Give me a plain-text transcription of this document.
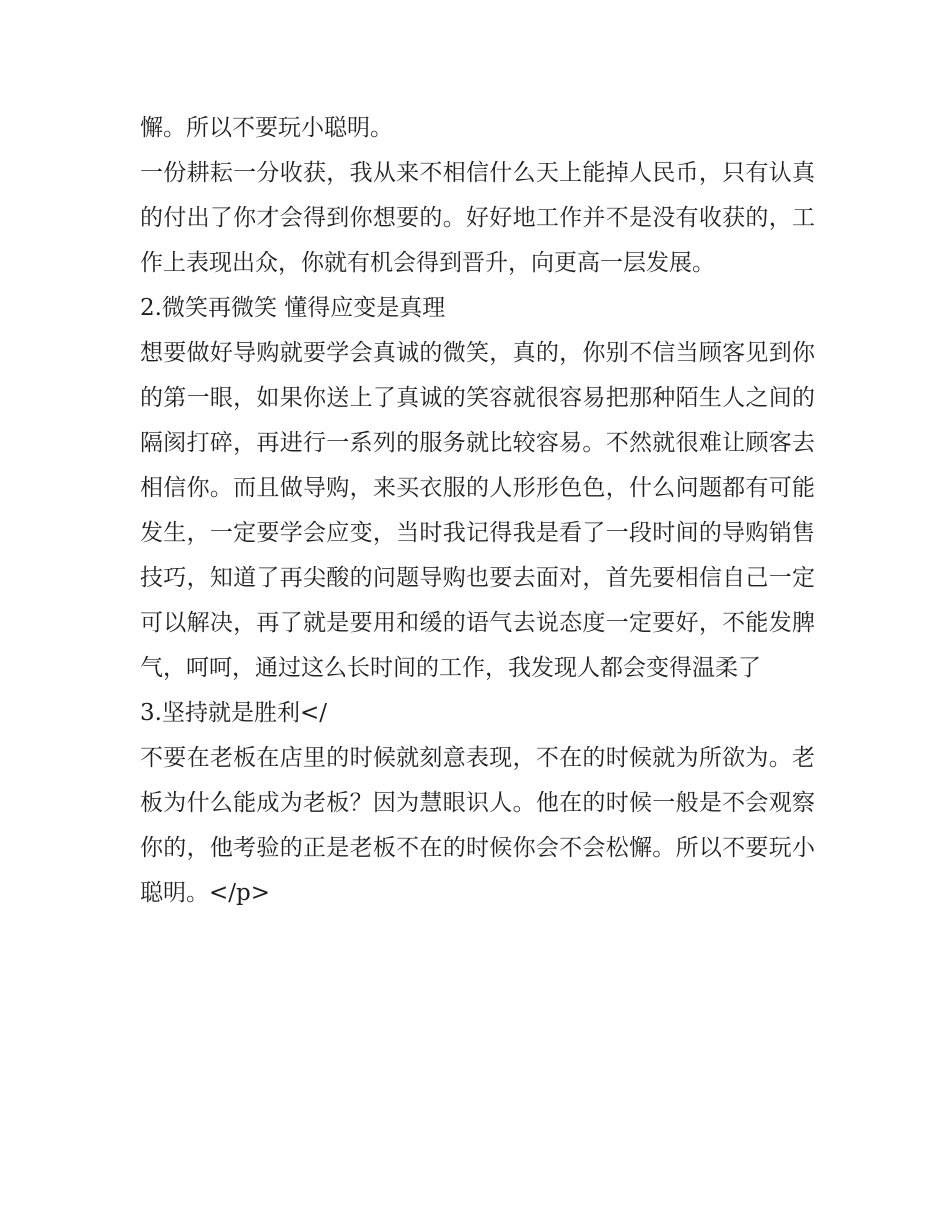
懈。所以不要玩小聪明。

一份耕耘一分收获，我从来不相信什么天上能掉人民币，只有认真的付出了你才会得到你想要的。好好地工作并不是没有收获的，工作上表现出众，你就有机会得到晋升，向更高一层发展。

2.微笑再微笑 懂得应变是真理

想要做好导购就要学会真诚的微笑，真的，你别不信当顾客见到你的第一眼，如果你送上了真诚的笑容就很容易把那种陌生人之间的隔阂打碎，再进行一系列的服务就比较容易。不然就很难让顾客去相信你。而且做导购，来买衣服的人形形色色，什么问题都有可能发生，一定要学会应变，当时我记得我是看了一段时间的导购销售技巧，知道了再尖酸的问题导购也要去面对，首先要相信自己一定可以解决，再了就是要用和缓的语气去说态度一定要好，不能发脾气，呵呵，通过这么长时间的工作，我发现人都会变得温柔了

3.坚持就是胜利</

不要在老板在店里的时候就刻意表现，不在的时候就为所欲为。老板为什么能成为老板？因为慧眼识人。他在的时候一般是不会观察你的，他考验的正是老板不在的时候你会不会松懈。所以不要玩小聪明。</p>
